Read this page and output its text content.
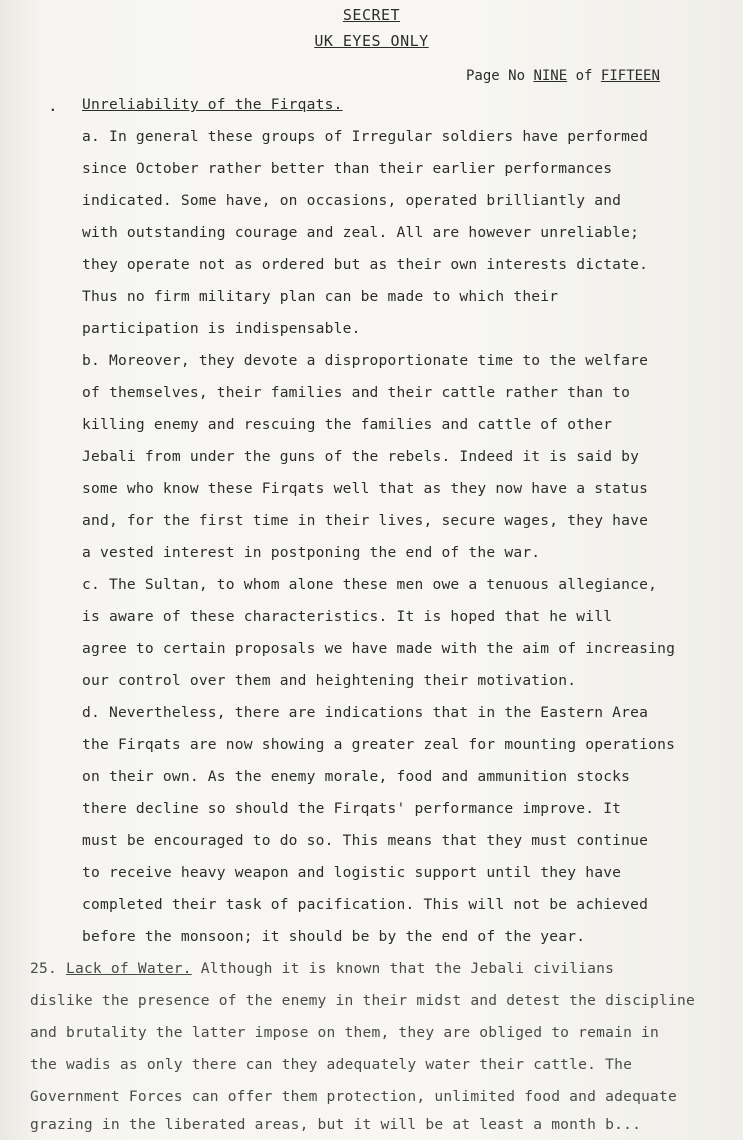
SECRET
UK EYES ONLY
Page No NINE of FIFTEEN
. Unreliability of the Firqats.
a. In general these groups of Irregular soldiers have performed
since October rather better than their earlier performances
indicated. Some have, on occasions, operated brilliantly and
with outstanding courage and zeal. All are however unreliable;
they operate not as ordered but as their own interests dictate.
Thus no firm military plan can be made to which their
participation is indispensable.
b. Moreover, they devote a disproportionate time to the welfare
of themselves, their families and their cattle rather than to
killing enemy and rescuing the families and cattle of other
Jebali from under the guns of the rebels. Indeed it is said by
some who know these Firqats well that as they now have a status
and, for the first time in their lives, secure wages, they have
a vested interest in postponing the end of the war.
c. The Sultan, to whom alone these men owe a tenuous allegiance,
is aware of these characteristics. It is hoped that he will
agree to certain proposals we have made with the aim of increasing
our control over them and heightening their motivation.
d. Nevertheless, there are indications that in the Eastern Area
the Firqats are now showing a greater zeal for mounting operations
on their own. As the enemy morale, food and ammunition stocks
there decline so should the Firqats' performance improve. It
must be encouraged to do so. This means that they must continue
to receive heavy weapon and logistic support until they have
completed their task of pacification. This will not be achieved
before the monsoon; it should be by the end of the year.
25. Lack of Water. Although it is known that the Jebali civilians
dislike the presence of the enemy in their midst and detest the discipline
and brutality the latter impose on them, they are obliged to remain in
the wadis as only there can they adequately water their cattle. The
Government Forces can offer them protection, unlimited food and adequate
grazing in the liberated areas, but it will be at least a month b...
